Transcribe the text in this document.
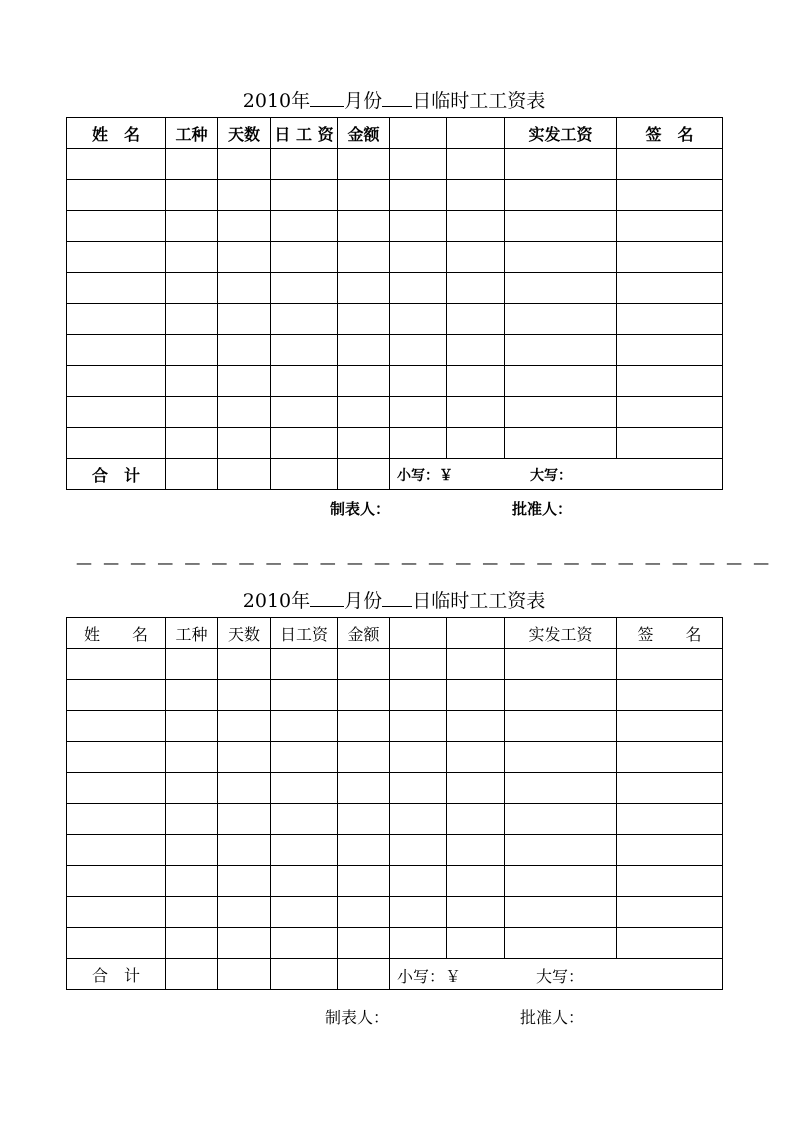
2010年 月份 日临时工工资表
姓　名	工种	天数	日 工 资	金额			实发工资	签　名

合　计					小写：￥ 大写：			
制表人：	批准人：
— — — — — — — — — — — — — — — — — — — — — — — — — —
2010年 月份 日临时工工资表
姓　　名	工种	天数	日工资	金额			实发工资	签　　名

合　计					小写：￥ 大写：			
制表人：	批准人：
